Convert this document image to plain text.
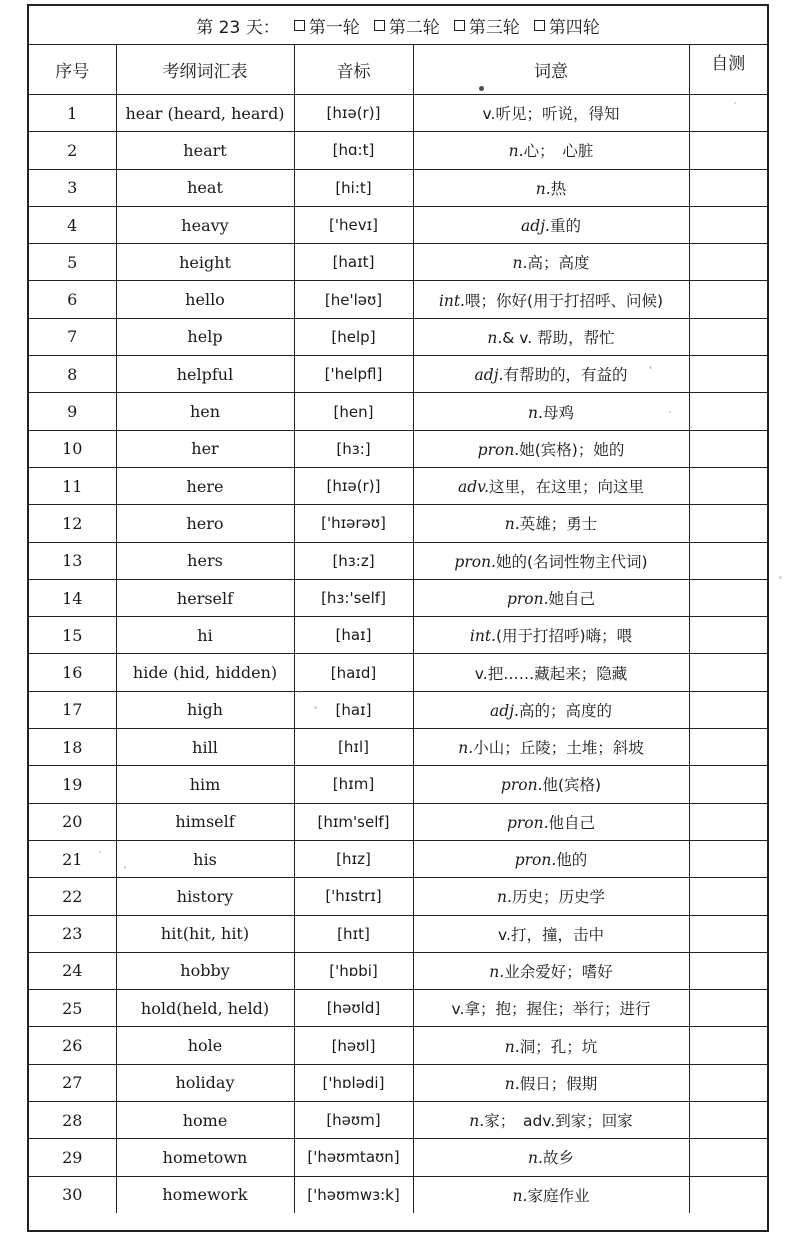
第 23 天： 第一轮 第二轮 第三轮 第四轮
序号	考纲词汇表	音标	词意	自测
1	hear (heard, heard)	[hɪə(r)]	v.听见；听说，得知	
2	heart	[hɑ:t]	n.心；　心脏	
3	heat	[hi:t]	n.热	
4	heavy	['hevɪ]	adj.重的	
5	height	[haɪt]	n.高；高度	
6	hello	[he'ləʊ]	int.喂；你好(用于打招呼、问候)	
7	help	[help]	n.& v. 帮助，帮忙	
8	helpful	['helpfl]	adj.有帮助的，有益的	
9	hen	[hen]	n.母鸡	
10	her	[hɜ:]	pron.她(宾格)；她的	
11	here	[hɪə(r)]	adv.这里，在这里；向这里	
12	hero	['hɪərəʊ]	n.英雄；勇士	
13	hers	[hɜ:z]	pron.她的(名词性物主代词)	
14	herself	[hɜ:'self]	pron.她自己	
15	hi	[haɪ]	int.(用于打招呼)嗨；喂	
16	hide (hid, hidden)	[haɪd]	v.把……藏起来；隐藏	
17	high	[haɪ]	adj.高的；高度的	
18	hill	[hɪl]	n.小山；丘陵；土堆；斜坡	
19	him	[hɪm]	pron.他(宾格)	
20	himself	[hɪm'self]	pron.他自己	
21	his	[hɪz]	pron.他的	
22	history	['hɪstrɪ]	n.历史；历史学	
23	hit(hit, hit)	[hɪt]	v.打，撞，击中	
24	hobby	['hɒbi]	n.业余爱好；嗜好	
25	hold(held, held)	[həʊld]	v.拿；抱；握住；举行；进行	
26	hole	[həʊl]	n.洞；孔；坑	
27	holiday	['hɒlədi]	n.假日；假期	
28	home	[həʊm]	n.家；　adv.到家；回家	
29	hometown	['həʊmtaʊn]	n.故乡	
30	homework	['həʊmwɜ:k]	n.家庭作业	
